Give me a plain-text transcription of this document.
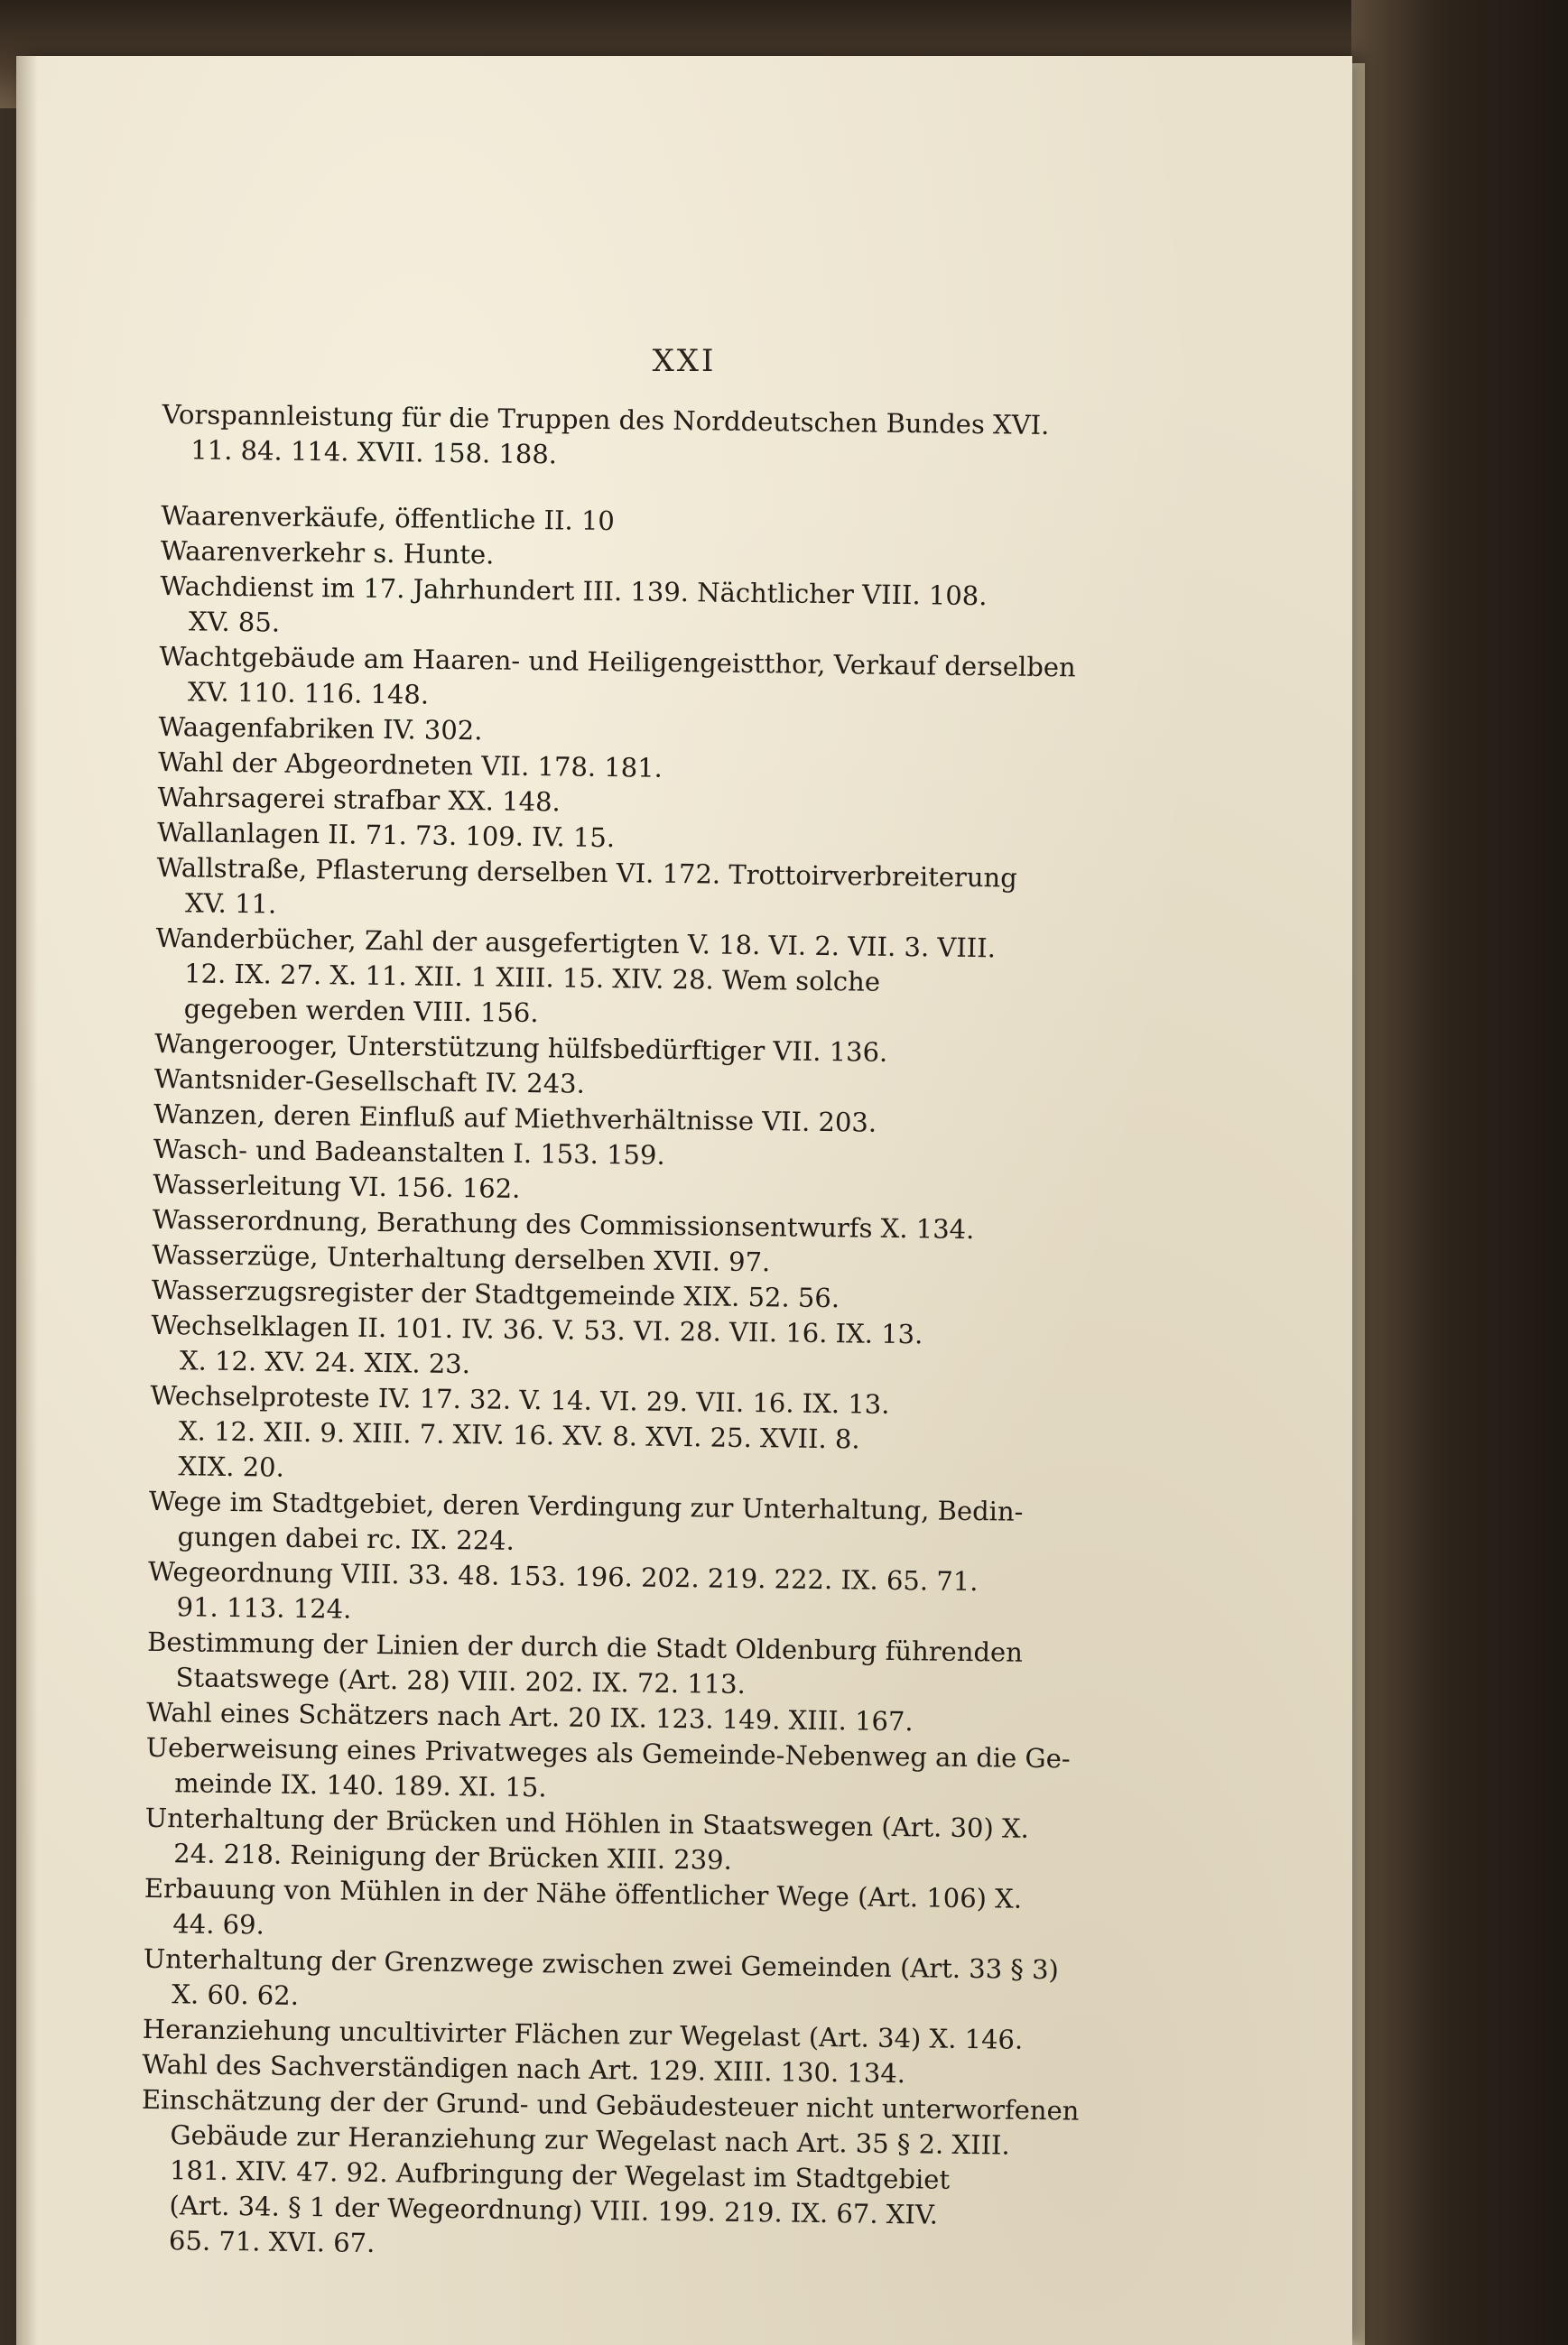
XXI

Vorspannleistung für die Truppen des Norddeutschen Bundes XVI.
11. 84. 114. XVII. 158. 188.

Waarenverkäufe, öffentliche II. 10

Waarenverkehr s. Hunte.

Wachdienst im 17. Jahrhundert III. 139. Nächtlicher VIII. 108.
XV. 85.

Wachtgebäude am Haaren- und Heiligengeistthor, Verkauf derselben
XV. 110. 116. 148.

Waagenfabriken IV. 302.

Wahl der Abgeordneten VII. 178. 181.

Wahrsagerei strafbar XX. 148.

Wallanlagen II. 71. 73. 109. IV. 15.

Wallstraße, Pflasterung derselben VI. 172. Trottoirverbreiterung
XV. 11.

Wanderbücher, Zahl der ausgefertigten V. 18. VI. 2. VII. 3. VIII.
12. IX. 27. X. 11. XII. 1 XIII. 15. XIV. 28. Wem solche
gegeben werden VIII. 156.

Wangerooger, Unterstützung hülfsbedürftiger VII. 136.

Wantsnider-Gesellschaft IV. 243.

Wanzen, deren Einfluß auf Miethverhältnisse VII. 203.

Wasch- und Badeanstalten I. 153. 159.

Wasserleitung VI. 156. 162.

Wasserordnung, Berathung des Commissionsentwurfs X. 134.

Wasserzüge, Unterhaltung derselben XVII. 97.

Wasserzugsregister der Stadtgemeinde XIX. 52. 56.

Wechselklagen II. 101. IV. 36. V. 53. VI. 28. VII. 16. IX. 13.
X. 12. XV. 24. XIX. 23.

Wechselproteste IV. 17. 32. V. 14. VI. 29. VII. 16. IX. 13.
X. 12. XII. 9. XIII. 7. XIV. 16. XV. 8. XVI. 25. XVII. 8.
XIX. 20.

Wege im Stadtgebiet, deren Verdingung zur Unterhaltung, Bedin-
gungen dabei rc. IX. 224.

Wegeordnung VIII. 33. 48. 153. 196. 202. 219. 222. IX. 65. 71.
91. 113. 124.

Bestimmung der Linien der durch die Stadt Oldenburg führenden
Staatswege (Art. 28) VIII. 202. IX. 72. 113.

Wahl eines Schätzers nach Art. 20 IX. 123. 149. XIII. 167.

Ueberweisung eines Privatweges als Gemeinde-Nebenweg an die Ge-
meinde IX. 140. 189. XI. 15.

Unterhaltung der Brücken und Höhlen in Staatswegen (Art. 30) X.
24. 218. Reinigung der Brücken XIII. 239.

Erbauung von Mühlen in der Nähe öffentlicher Wege (Art. 106) X.
44. 69.

Unterhaltung der Grenzwege zwischen zwei Gemeinden (Art. 33 § 3)
X. 60. 62.

Heranziehung uncultivirter Flächen zur Wegelast (Art. 34) X. 146.

Wahl des Sachverständigen nach Art. 129. XIII. 130. 134.

Einschätzung der der Grund- und Gebäudesteuer nicht unterworfenen
Gebäude zur Heranziehung zur Wegelast nach Art. 35 § 2. XIII.
181. XIV. 47. 92. Aufbringung der Wegelast im Stadtgebiet
(Art. 34. § 1 der Wegeordnung) VIII. 199. 219. IX. 67. XIV.
65. 71. XVI. 67.
